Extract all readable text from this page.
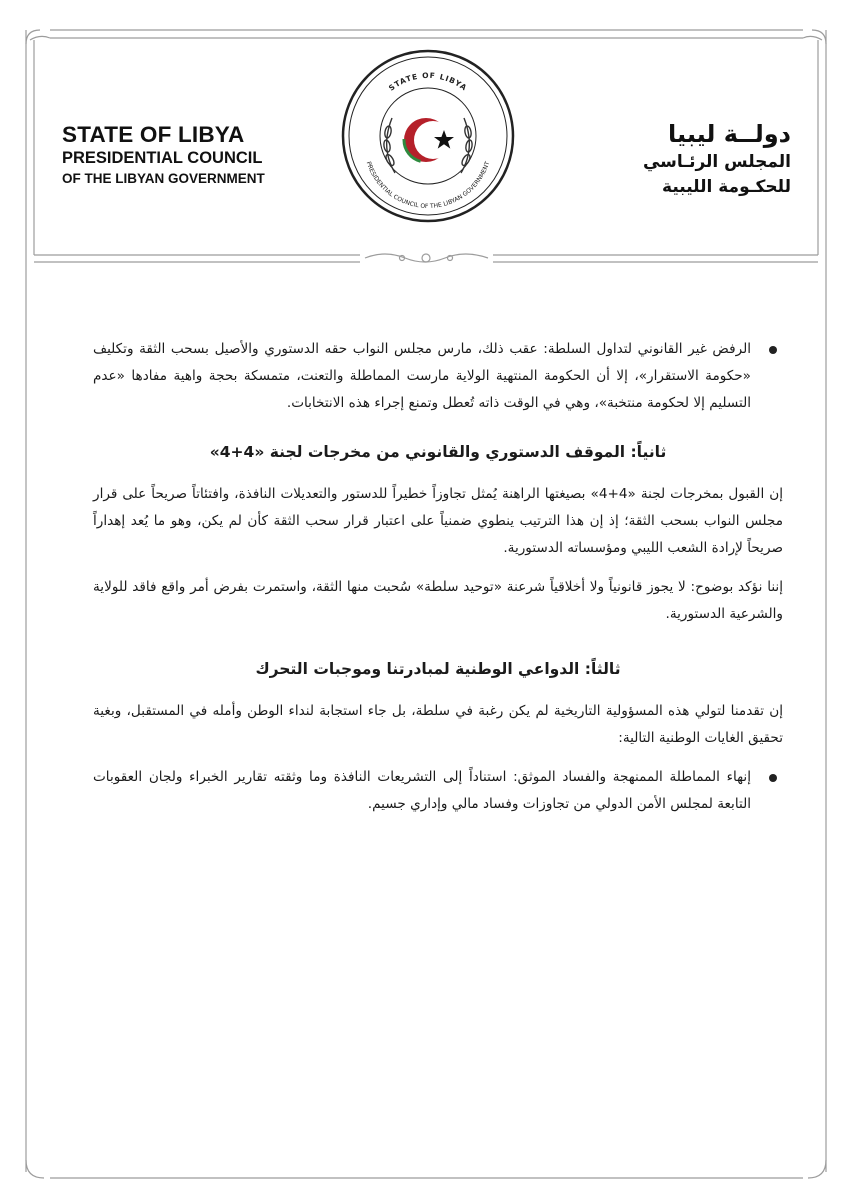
STATE OF LIBYA
PRESIDENTIAL COUNCIL
OF THE LIBYAN GOVERNMENT
STATE OF LIBYA
PRESIDENTIAL COUNCIL OF THE LIBYAN GOVERNMENT
دولــة ليبيا
المجلس الرئـاسي
للحكـومة الليبية
الرفض غير القانوني لتداول السلطة: عقب ذلك، مارس مجلس النواب حقه الدستوري والأصيل بسحب الثقة وتكليف «حكومة الاستقرار»، إلا أن الحكومة المنتهية الولاية مارست المماطلة والتعنت، متمسكة بحجة واهية مفادها «عدم التسليم إلا لحكومة منتخبة»، وهي في الوقت ذاته تُعطل وتمنع إجراء هذه الانتخابات.
ثانياً: الموقف الدستوري والقانوني من مخرجات لجنة «4+4»

إن القبول بمخرجات لجنة «4+4» بصيغتها الراهنة يُمثل تجاوزاً خطيراً للدستور والتعديلات النافذة، وافتئاتاً صريحاً على قرار مجلس النواب بسحب الثقة؛ إذ إن هذا الترتيب ينطوي ضمنياً على اعتبار قرار سحب الثقة كأن لم يكن، وهو ما يُعد إهداراً صريحاً لإرادة الشعب الليبي ومؤسساته الدستورية.

إننا نؤكد بوضوح: لا يجوز قانونياً ولا أخلاقياً شرعنة «توحيد سلطة» سُحبت منها الثقة، واستمرت بفرض أمر واقع فاقد للولاية والشرعية الدستورية.

ثالثاً: الدواعي الوطنية لمبادرتنا وموجبات التحرك

إن تقدمنا لتولي هذه المسؤولية التاريخية لم يكن رغبة في سلطة، بل جاء استجابة لنداء الوطن وأمله في المستقبل، وبغية تحقيق الغايات الوطنية التالية:

إنهاء المماطلة الممنهجة والفساد الموثق: استناداً إلى التشريعات النافذة وما وثقته تقارير الخبراء ولجان العقوبات التابعة لمجلس الأمن الدولي من تجاوزات وفساد مالي وإداري جسيم.
